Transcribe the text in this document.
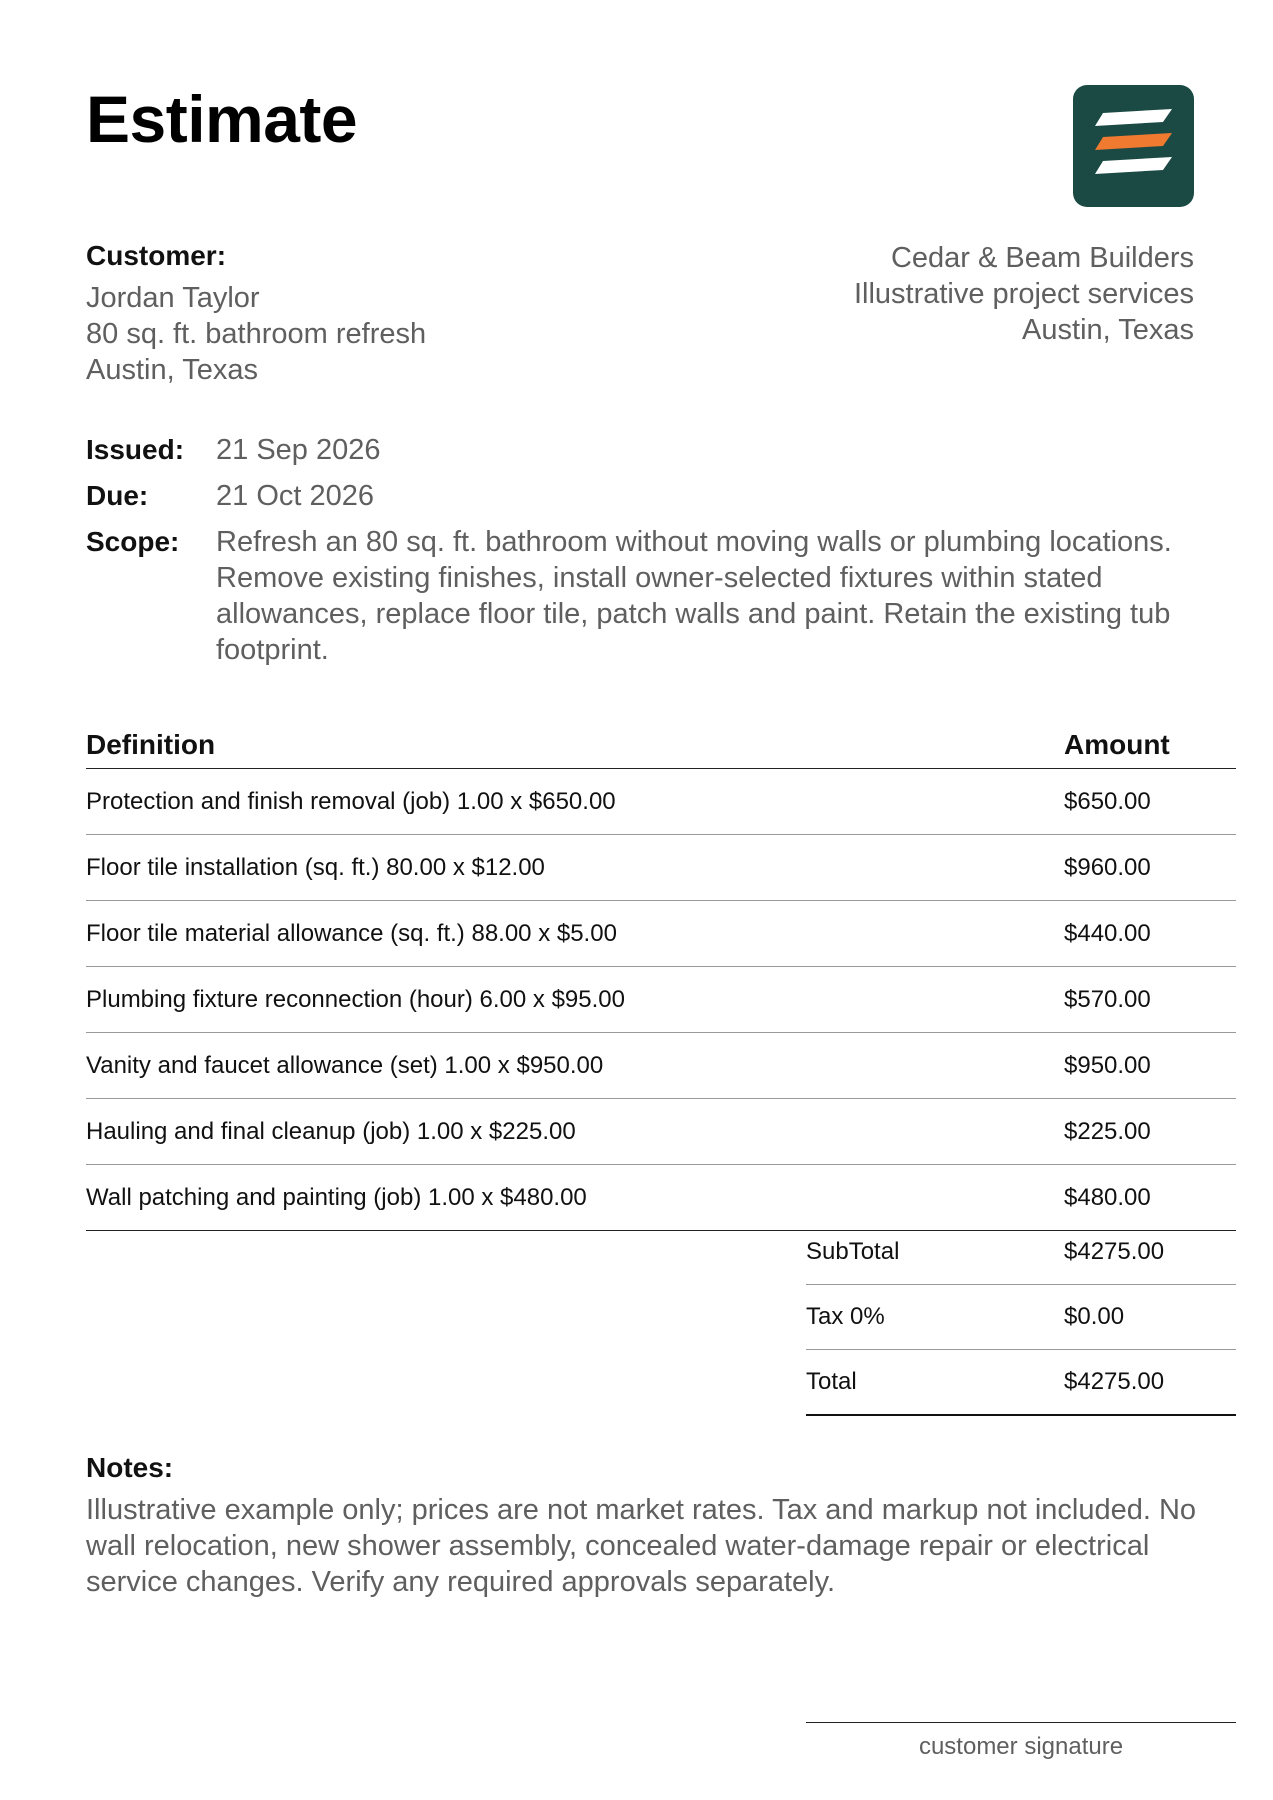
Estimate
Customer:
Jordan Taylor
80 sq. ft. bathroom refresh
Austin, Texas
Cedar & Beam Builders
Illustrative project services
Austin, Texas
Issued:	21 Sep 2026
Due:	21 Oct 2026
Scope:	Refresh an 80 sq. ft. bathroom without moving walls or plumbing locations. Remove existing finishes, install owner-selected fixtures within stated allowances, replace floor tile, patch walls and paint. Retain the existing tub footprint.
Definition	Amount
Protection and finish removal (job) 1.00 x $650.00	$650.00
Floor tile installation (sq. ft.) 80.00 x $12.00	$960.00
Floor tile material allowance (sq. ft.) 88.00 x $5.00	$440.00
Plumbing fixture reconnection (hour) 6.00 x $95.00	$570.00
Vanity and faucet allowance (set) 1.00 x $950.00	$950.00
Hauling and final cleanup (job) 1.00 x $225.00	$225.00
Wall patching and painting (job) 1.00 x $480.00	$480.00
SubTotal	$4275.00
Tax 0%	$0.00
Total	$4275.00
Notes:
Illustrative example only; prices are not market rates. Tax and markup not included. No wall relocation, new shower assembly, concealed water-damage repair or electrical service changes. Verify any required approvals separately.
customer signature
